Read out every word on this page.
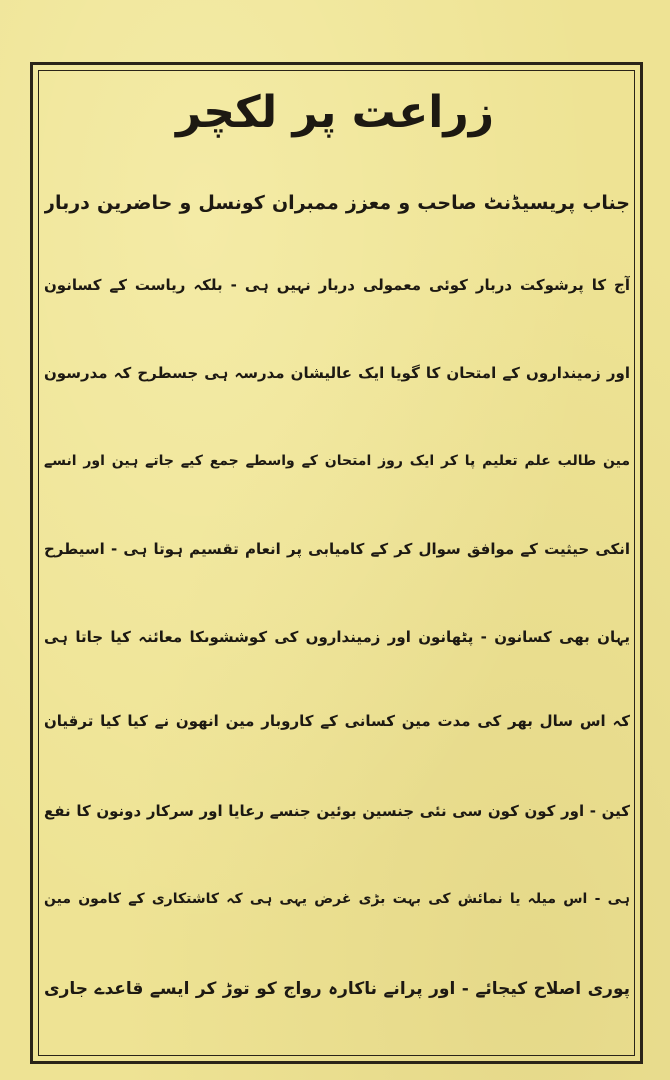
زراعت پر لکچر
جناب پریسیڈنٹ صاحب و معزز ممبران کونسل و حاضرین دربار
آج کا پرشوکت دربار کوئی معمولی دربار نہیں ہی - بلکہ ریاست کے کسانون
اور زمینداروں کے امتحان کا گویا ایک عالیشان مدرسہ ہی جسطرح کہ مدرسون
مین طالب علم تعلیم پا کر ایک روز امتحان کے واسطے جمع کیے جاتے ہین اور انسے
انکی حیثیت کے موافق سوال کر کے کامیابی پر انعام تقسیم ہوتا ہی - اسیطرح
یہان بھی کسانون - پٹھانون اور زمینداروں کی کوششوںکا معائنہ کیا جاتا ہی
کہ اس سال بھر کی مدت مین کسانی کے کاروبار مین انھون نے کیا کیا ترقیان
کین - اور کون کون سی نئی جنسین بوئین جنسے رعایا اور سرکار دونون کا نفع
ہی - اس میلہ یا نمائش کی بہت بڑی غرض یہی ہی کہ کاشتکاری کے کامون مین
پوری اصلاح کیجائے - اور پرانے ناکارہ رواج کو توڑ کر ایسے قاعدے جاری
